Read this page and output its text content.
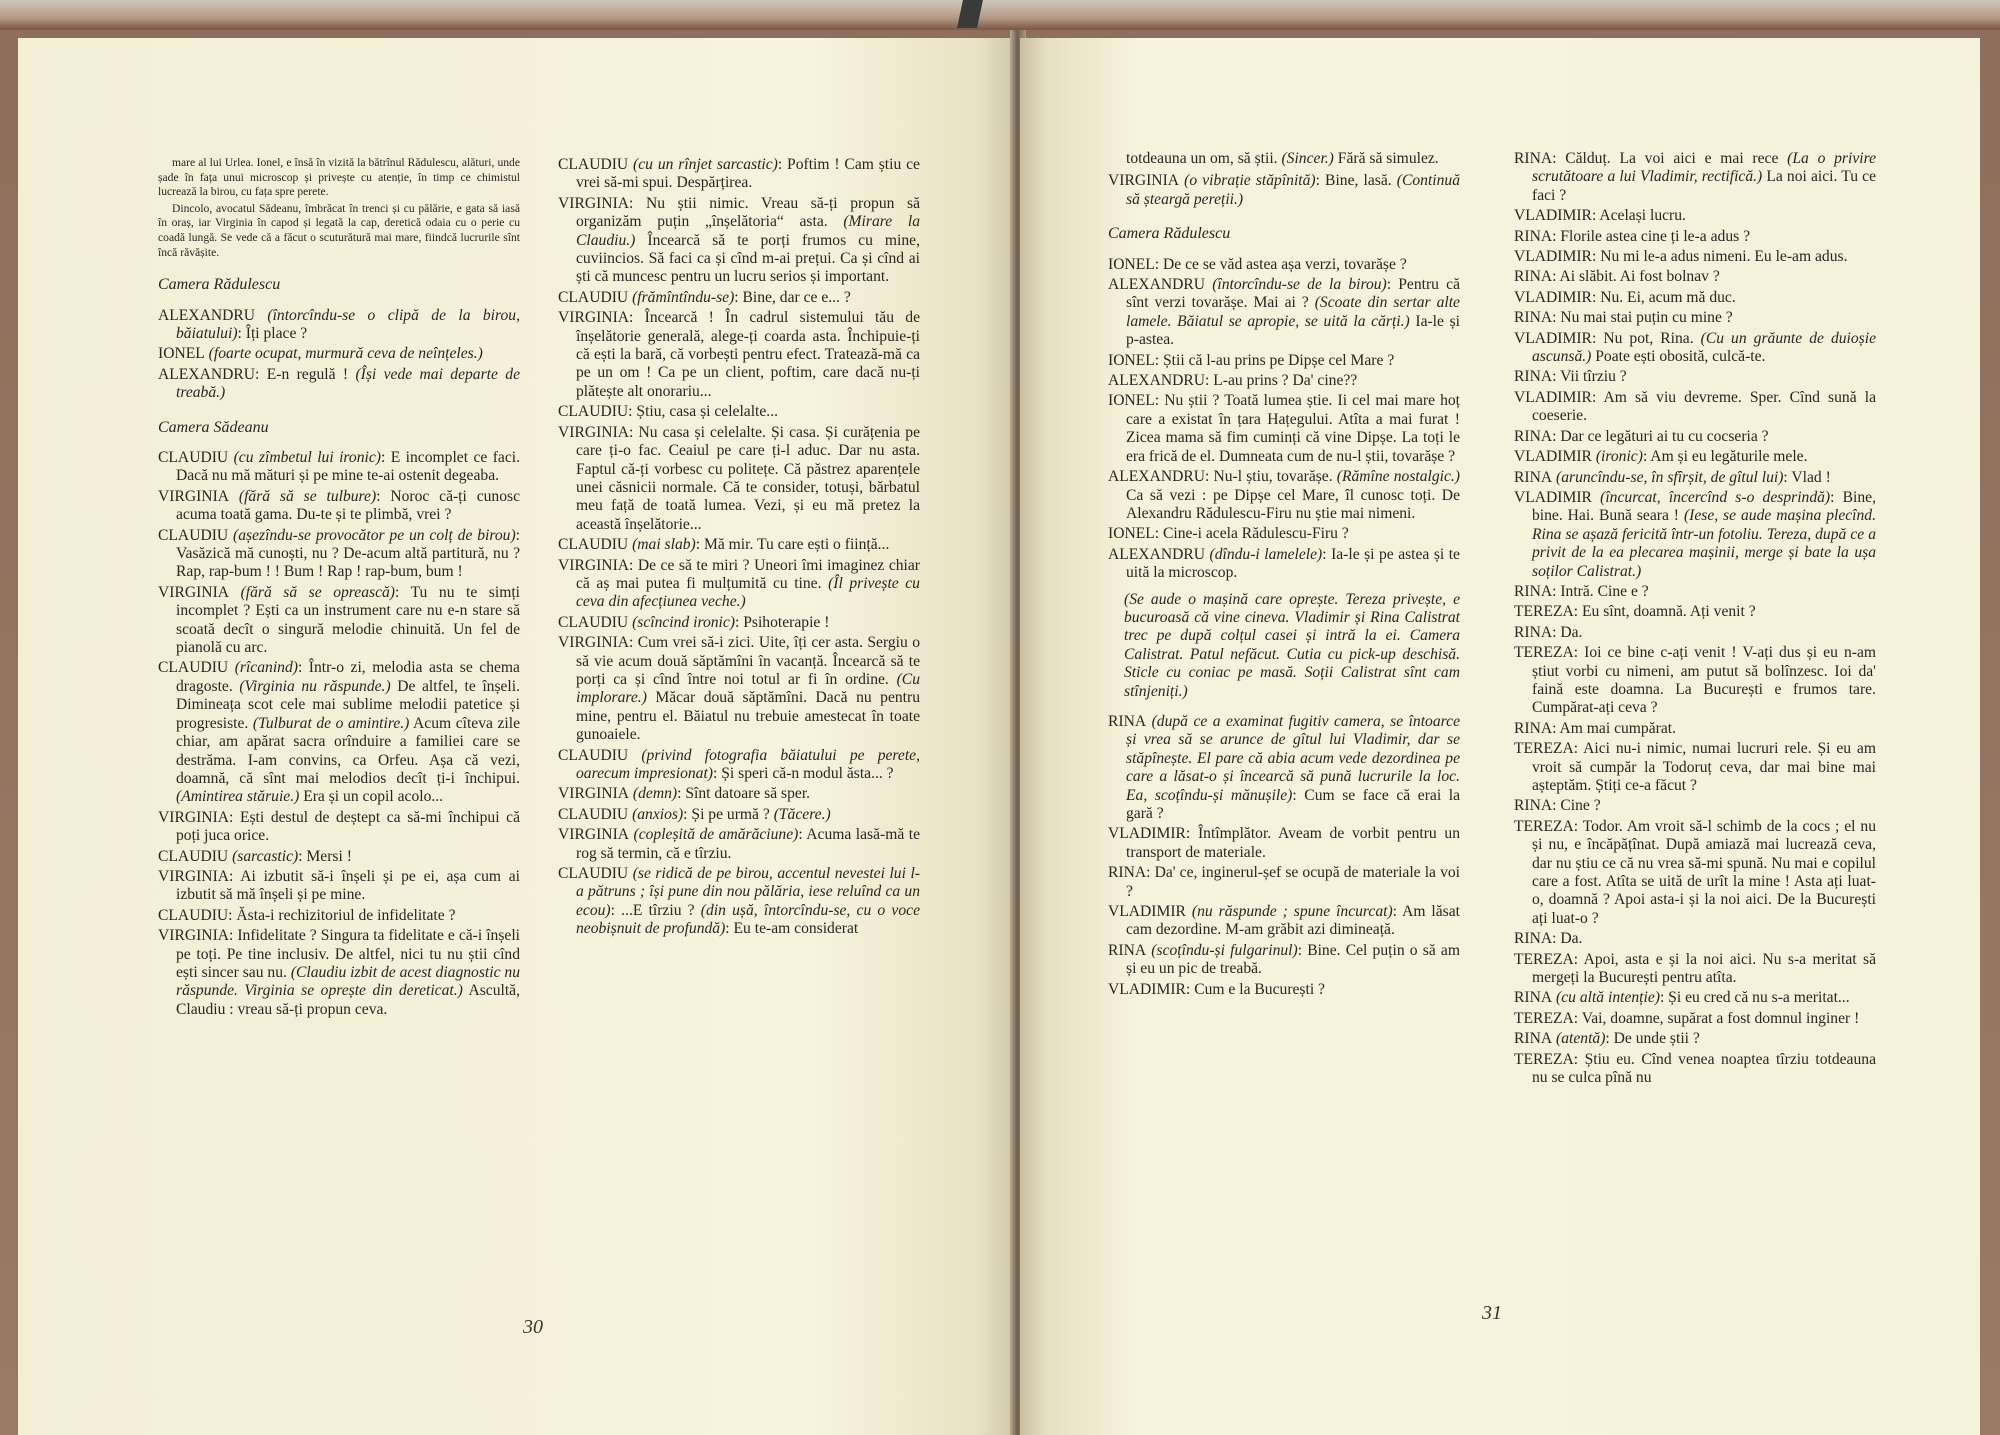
mare al lui Urlea. Ionel, e însă în vizită la bătrînul Rădulescu, alături, unde șade în fața unui microscop și privește cu atenție, în timp ce chimistul lucrează la birou, cu fața spre perete.

Dincolo, avocatul Sădeanu, îmbrăcat în trenci și cu pălărie, e gata să iasă în oraș, iar Virginia în capod și legată la cap, deretică odaia cu o perie cu coadă lungă. Se vede că a făcut o scuturătură mai mare, fiindcă lucrurile sînt încă răvășite.

Camera Rădulescu

ALEXANDRU (întorcîndu-se o clipă de la birou, băiatului): Îți place ?

IONEL (foarte ocupat, murmură ceva de neînțeles.)

ALEXANDRU: E-n regulă ! (Își vede mai departe de treabă.)

Camera Sădeanu

CLAUDIU (cu zîmbetul lui ironic): E incomplet ce faci. Dacă nu mă mături și pe mine te-ai ostenit degeaba.

VIRGINIA (fără să se tulbure): Noroc că-ți cunosc acuma toată gama. Du-te și te plimbă, vrei ?

CLAUDIU (așezîndu-se provocător pe un colț de birou): Vasăzică mă cunoști, nu ? De-acum altă partitură, nu ? Rap, rap-bum ! ! Bum ! Rap ! rap-bum, bum !

VIRGINIA (fără să se oprească): Tu nu te simți incomplet ? Ești ca un instrument care nu e-n stare să scoată decît o singură melodie chinuită. Un fel de pianolă cu arc.

CLAUDIU (rîcanind): Într-o zi, melodia asta se chema dragoste. (Virginia nu răspunde.) De altfel, te înșeli. Dimineața scot cele mai sublime melodii patetice și progresiste. (Tulburat de o amintire.) Acum cîteva zile chiar, am apărat sacra orînduire a familiei care se destrăma. I-am convins, ca Orfeu. Așa că vezi, doamnă, că sînt mai melodios decît ți-i închipui. (Amintirea stăruie.) Era și un copil acolo...

VIRGINIA: Ești destul de deștept ca să-mi închipui că poți juca orice.

CLAUDIU (sarcastic): Mersi !

VIRGINIA: Ai izbutit să-i înșeli și pe ei, așa cum ai izbutit să mă înșeli și pe mine.

CLAUDIU: Ăsta-i rechizitoriul de infidelitate ?

VIRGINIA: Infidelitate ? Singura ta fidelitate e că-i înșeli pe toți. Pe tine inclusiv. De altfel, nici tu nu știi cînd ești sincer sau nu. (Claudiu izbit de acest diagnostic nu răspunde. Virginia se oprește din dereticat.) Ascultă, Claudiu : vreau să-ți propun ceva.

CLAUDIU (cu un rînjet sarcastic): Poftim ! Cam știu ce vrei să-mi spui. Despărțirea.

VIRGINIA: Nu știi nimic. Vreau să-ți propun să organizăm puțin „înșelătoria“ asta. (Mirare la Claudiu.) Încearcă să te porți frumos cu mine, cuviincios. Să faci ca și cînd m-ai prețui. Ca și cînd ai ști că muncesc pentru un lucru serios și important.

CLAUDIU (frămîntîndu-se): Bine, dar ce e... ?

VIRGINIA: Încearcă ! În cadrul sistemului tău de înșelătorie generală, alege-ți coarda asta. Închipuie-ți că ești la bară, că vorbești pentru efect. Tratează-mă ca pe un om ! Ca pe un client, poftim, care dacă nu-ți plătește alt onorariu...

CLAUDIU: Știu, casa și celelalte...

VIRGINIA: Nu casa și celelalte. Și casa. Și curățenia pe care ți-o fac. Ceaiul pe care ți-l aduc. Dar nu asta. Faptul că-ți vorbesc cu politețe. Că păstrez aparențele unei căsnicii normale. Că te consider, totuși, bărbatul meu față de toată lumea. Vezi, și eu mă pretez la această înșelătorie...

CLAUDIU (mai slab): Mă mir. Tu care ești o ființă...

VIRGINIA: De ce să te miri ? Uneori îmi imaginez chiar că aș mai putea fi mulțumită cu tine. (Îl privește cu ceva din afecțiunea veche.)

CLAUDIU (scîncind ironic): Psihoterapie !

VIRGINIA: Cum vrei să-i zici. Uite, îți cer asta. Sergiu o să vie acum două săptămîni în vacanță. Încearcă să te porți ca și cînd între noi totul ar fi în ordine. (Cu implorare.) Măcar două săptămîni. Dacă nu pentru mine, pentru el. Băiatul nu trebuie amestecat în toate gunoaiele.

CLAUDIU (privind fotografia băiatului pe perete, oarecum impresionat): Și speri că-n modul ăsta... ?

VIRGINIA (demn): Sînt datoare să sper.

CLAUDIU (anxios): Și pe urmă ? (Tăcere.)

VIRGINIA (copleșită de amărăciune): Acuma lasă-mă te rog să termin, că e tîrziu.

CLAUDIU (se ridică de pe birou, accentul nevestei lui l-a pătruns ; își pune din nou pălăria, iese reluînd ca un ecou): ...E tîrziu ? (din ușă, întorcîndu-se, cu o voce neobișnuit de profundă): Eu te-am considerat

30

totdeauna un om, să știi. (Sincer.) Fără să simulez.

VIRGINIA (o vibrație stăpînită): Bine, lasă. (Continuă să șteargă pereții.)

Camera Rădulescu

IONEL: De ce se văd astea așa verzi, tovarășe ?

ALEXANDRU (întorcîndu-se de la birou): Pentru că sînt verzi tovarășe. Mai ai ? (Scoate din sertar alte lamele. Băiatul se apropie, se uită la cărți.) Ia-le și p-astea.

IONEL: Știi că l-au prins pe Dipșe cel Mare ?

ALEXANDRU: L-au prins ? Da' cine??

IONEL: Nu știi ? Toată lumea știe. Ii cel mai mare hoț care a existat în țara Hațegului. Atîta a mai furat ! Zicea mama să fim cuminți că vine Dipșe. La toți le era frică de el. Dumneata cum de nu-l știi, tovarășe ?

ALEXANDRU: Nu-l știu, tovarășe. (Rămîne nostalgic.) Ca să vezi : pe Dipșe cel Mare, îl cunosc toți. De Alexandru Rădulescu-Firu nu știe mai nimeni.

IONEL: Cine-i acela Rădulescu-Firu ?

ALEXANDRU (dîndu-i lamelele): Ia-le și pe astea și te uită la microscop.

(Se aude o mașină care oprește. Tereza privește, e bucuroasă că vine cineva. Vladimir și Rina Calistrat trec pe după colțul casei și intră la ei. Camera Calistrat. Patul nefăcut. Cutia cu pick-up deschisă. Sticle cu coniac pe masă. Soții Calistrat sînt cam stînjeniți.)

RINA (după ce a examinat fugitiv camera, se întoarce și vrea să se arunce de gîtul lui Vladimir, dar se stăpînește. El pare că abia acum vede dezordinea pe care a lăsat-o și încearcă să pună lucrurile la loc. Ea, scoțîndu-și mănușile): Cum se face că erai la gară ?

VLADIMIR: Întîmplător. Aveam de vorbit pentru un transport de materiale.

RINA: Da' ce, inginerul-șef se ocupă de materiale la voi ?

VLADIMIR (nu răspunde ; spune încurcat): Am lăsat cam dezordine. M-am grăbit azi dimineață.

RINA (scoțîndu-și fulgarinul): Bine. Cel puțin o să am și eu un pic de treabă.

VLADIMIR: Cum e la București ?

RINA: Călduț. La voi aici e mai rece (La o privire scrutătoare a lui Vladimir, rectifică.) La noi aici. Tu ce faci ?

VLADIMIR: Același lucru.

RINA: Florile astea cine ți le-a adus ?

VLADIMIR: Nu mi le-a adus nimeni. Eu le-am adus.

RINA: Ai slăbit. Ai fost bolnav ?

VLADIMIR: Nu. Ei, acum mă duc.

RINA: Nu mai stai puțin cu mine ?

VLADIMIR: Nu pot, Rina. (Cu un grăunte de duioșie ascunsă.) Poate ești obosită, culcă-te.

RINA: Vii tîrziu ?

VLADIMIR: Am să viu devreme. Sper. Cînd sună la coeserie.

RINA: Dar ce legături ai tu cu cocseria ?

VLADIMIR (ironic): Am și eu legăturile mele.

RINA (aruncîndu-se, în sfîrșit, de gîtul lui): Vlad !

VLADIMIR (încurcat, încercînd s-o desprindă): Bine, bine. Hai. Bună seara ! (Iese, se aude mașina plecînd. Rina se așază fericită într-un fotoliu. Tereza, după ce a privit de la ea plecarea mașinii, merge și bate la ușa soților Calistrat.)

RINA: Intră. Cine e ?

TEREZA: Eu sînt, doamnă. Ați venit ?

RINA: Da.

TEREZA: Ioi ce bine c-ați venit ! V-ați dus și eu n-am știut vorbi cu nimeni, am putut să bolînzesc. Ioi da' faină este doamna. La București e frumos tare. Cumpărat-ați ceva ?

RINA: Am mai cumpărat.

TEREZA: Aici nu-i nimic, numai lucruri rele. Și eu am vroit să cumpăr la Todoruț ceva, dar mai bine mai așteptăm. Știți ce-a făcut ?

RINA: Cine ?

TEREZA: Todor. Am vroit să-l schimb de la cocs ; el nu și nu, e încăpățînat. După amiază mai lucrează ceva, dar nu știu ce că nu vrea să-mi spună. Nu mai e copilul care a fost. Atîta se uită de urît la mine ! Asta ați luat-o, doamnă ? Apoi asta-i și la noi aici. De la București ați luat-o ?

RINA: Da.

TEREZA: Apoi, asta e și la noi aici. Nu s-a meritat să mergeți la București pentru atîta.

RINA (cu altă intenție): Și eu cred că nu s-a meritat...

TEREZA: Vai, doamne, supărat a fost domnul inginer !

RINA (atentă): De unde știi ?

TEREZA: Știu eu. Cînd venea noaptea tîrziu totdeauna nu se culca pînă nu

31
